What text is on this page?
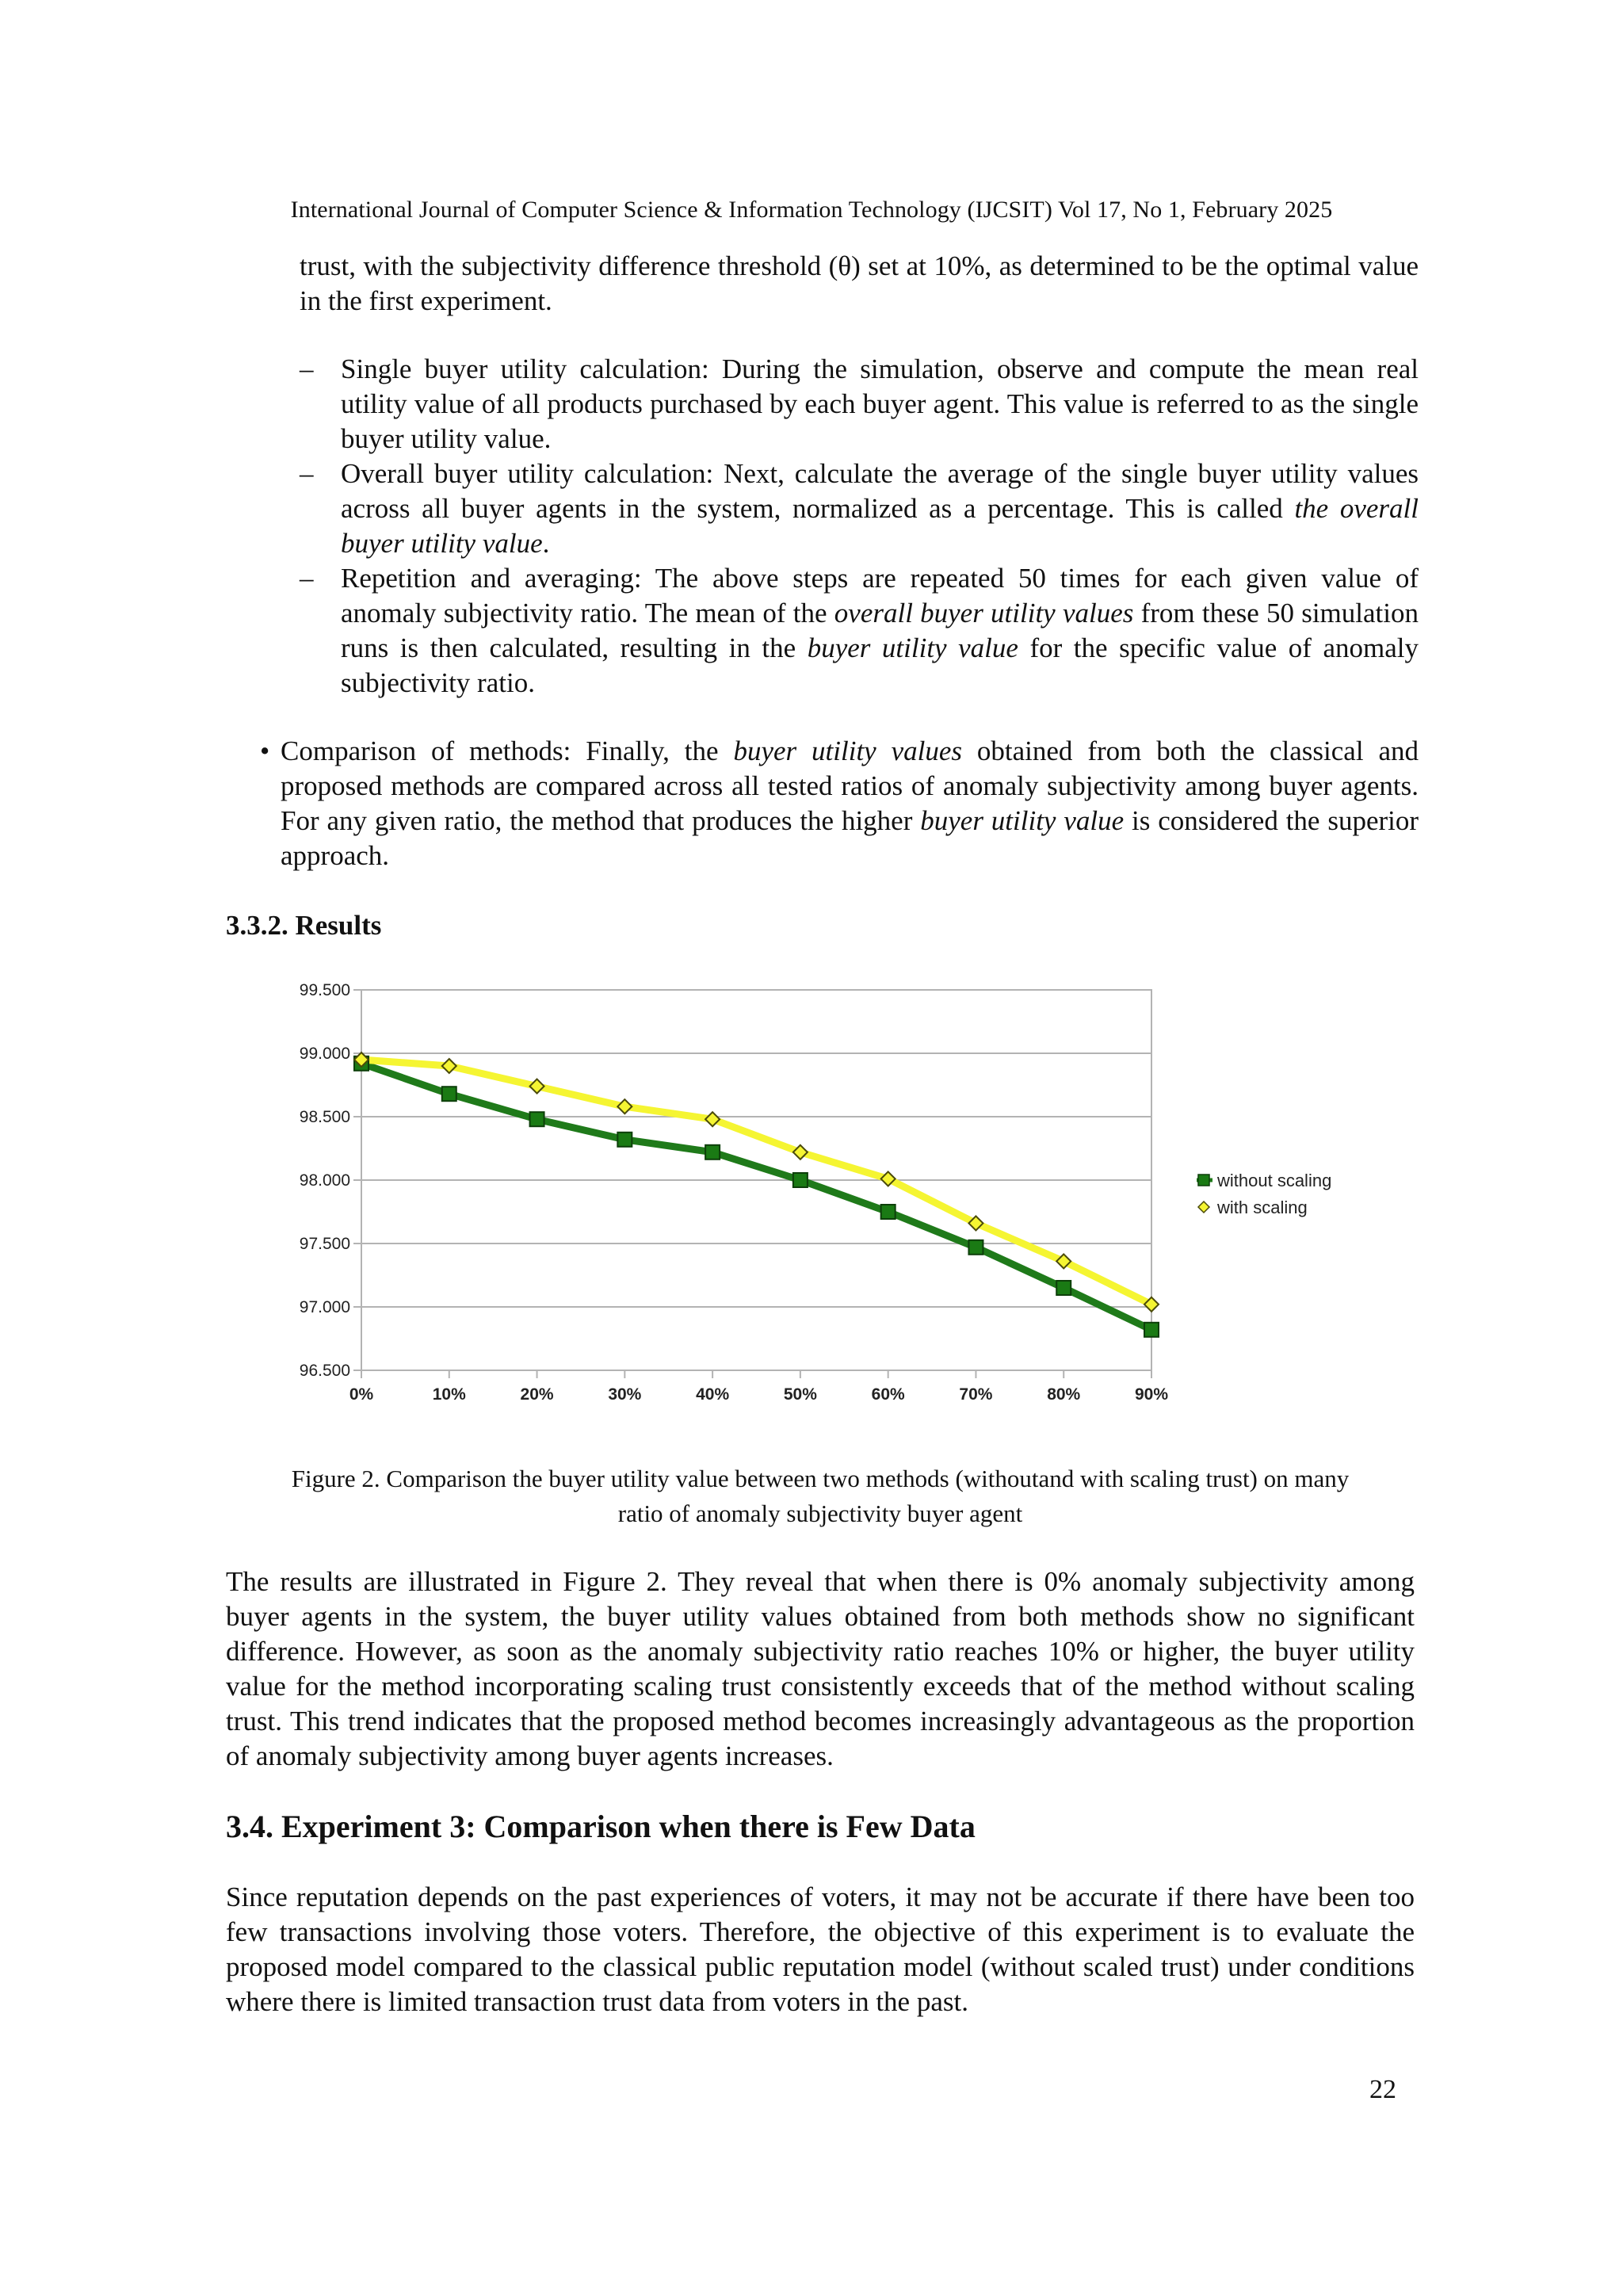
International Journal of Computer Science & Information Technology (IJCSIT) Vol 17, No 1, February 2025
trust, with the subjectivity difference threshold (θ) set at 10%, as determined to be the optimal value in the first experiment.
– Single buyer utility calculation: During the simulation, observe and compute the mean real utility value of all products purchased by each buyer agent. This value is referred to as the single buyer utility value.
– Overall buyer utility calculation: Next, calculate the average of the single buyer utility values across all buyer agents in the system, normalized as a percentage. This is called the overall buyer utility value.
– Repetition and averaging: The above steps are repeated 50 times for each given value of anomaly subjectivity ratio. The mean of the overall buyer utility values from these 50 simulation runs is then calculated, resulting in the buyer utility value for the specific value of anomaly subjectivity ratio.
• Comparison of methods: Finally, the buyer utility values obtained from both the classical and proposed methods are compared across all tested ratios of anomaly subjectivity among buyer agents. For any given ratio, the method that produces the higher buyer utility value is considered the superior approach.
3.3.2. Results
99.500
99.000
98.500
98.000
97.500
97.000
96.500
0%	10%	20%	30%	40%	50%	60%	70%	80%	90%
without scaling
with scaling
Figure 2. Comparison the buyer utility value between two methods (withoutand with scaling trust) on many
ratio of anomaly subjectivity buyer agent
The results are illustrated in Figure 2. They reveal that when there is 0% anomaly subjectivity among buyer agents in the system, the buyer utility values obtained from both methods show no significant difference. However, as soon as the anomaly subjectivity ratio reaches 10% or higher, the buyer utility value for the method incorporating scaling trust consistently exceeds that of the method without scaling trust. This trend indicates that the proposed method becomes increasingly advantageous as the proportion of anomaly subjectivity among buyer agents increases.
3.4. Experiment 3: Comparison when there is Few Data
Since reputation depends on the past experiences of voters, it may not be accurate if there have been too few transactions involving those voters. Therefore, the objective of this experiment is to evaluate the proposed model compared to the classical public reputation model (without scaled trust) under conditions where there is limited transaction trust data from voters in the past.
22
